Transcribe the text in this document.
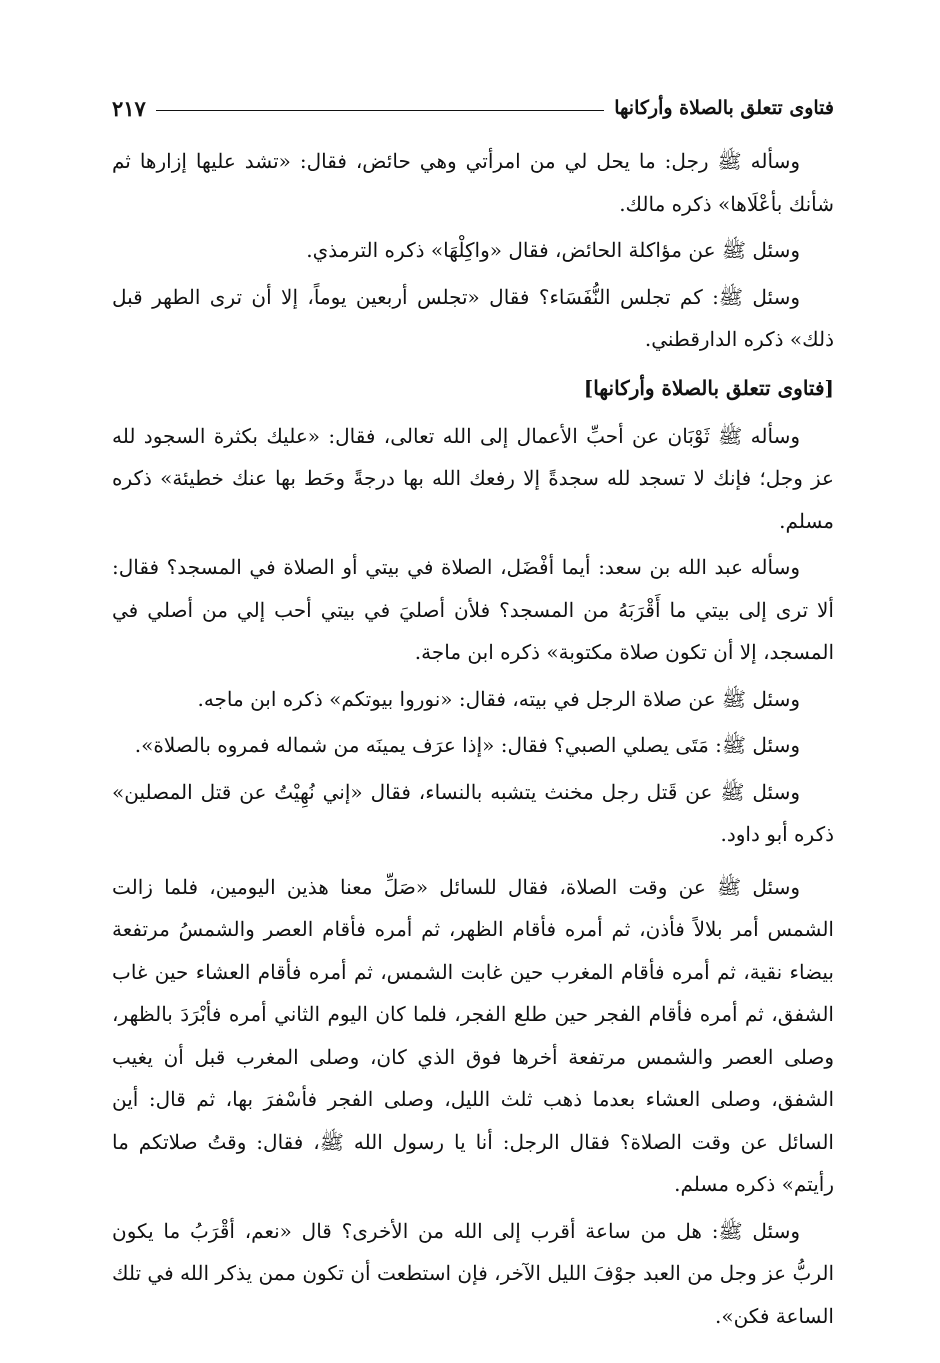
فتاوى تتعلق بالصلاة وأركانها
٢١٧

وسأله ﷺ رجل: ما يحل لي من امرأتي وهي حائض، فقال: «تشد عليها إزارها ثم شأنك بأعْلَاها» ذكره مالك.

وسئل ﷺ عن مؤاكلة الحائض، فقال «واكِلْهَا» ذكره الترمذي.

وسئل ﷺ: كم تجلس النُّفَسَاء؟ فقال «تجلس أربعين يوماً، إلا أن ترى الطهر قبل ذلك» ذكره الدارقطني.

[فتاوى تتعلق بالصلاة وأركانها]

وسأله ﷺ ثَوْبَان عن أحبِّ الأعمال إلى الله تعالى، فقال: «عليك بكثرة السجود لله عز وجل؛ فإنك لا تسجد لله سجدةً إلا رفعك الله بها درجةً وحَط بها عنك خطيئة» ذكره مسلم.

وسأله عبد الله بن سعد: أيما أفْضَل، الصلاة في بيتي أو الصلاة في المسجد؟ فقال: ألا ترى إلى بيتي ما أَقْرَبَهُ من المسجد؟ فلأن أصليَ في بيتي أحب إلي من أصلي في المسجد، إلا أن تكون صلاة مكتوبة» ذكره ابن ماجة.

وسئل ﷺ عن صلاة الرجل في بيته، فقال: «نوروا بيوتكم» ذكره ابن ماجه.

وسئل ﷺ: مَتَى يصلي الصبي؟ فقال: «إذا عرَف يمينَه من شماله فمروه بالصلاة».

وسئل ﷺ عن قَتل رجل مخنث يتشبه بالنساء، فقال «إني نُهِيْتُ عن قتل المصلين» ذكره أبو داود.

وسئل ﷺ عن وقت الصلاة، فقال للسائل «صَلِّ معنا هذين اليومين، فلما زالت الشمس أمر بلالاً فأذن، ثم أمره فأقام الظهر، ثم أمره فأقام العصر والشمسُ مرتفعة بيضاء نقية، ثم أمره فأقام المغرب حين غابت الشمس، ثم أمره فأقام العشاء حين غاب الشفق، ثم أمره فأقام الفجر حين طلع الفجر، فلما كان اليوم الثاني أمره فأبْرَدَ بالظهر، وصلى العصر والشمس مرتفعة أخرها فوق الذي كان، وصلى المغرب قبل أن يغيب الشفق، وصلى العشاء بعدما ذهب ثلث الليل، وصلى الفجر فأسْفرَ بها، ثم قال: أين السائل عن وقت الصلاة؟ فقال الرجل: أنا يا رسول الله ﷺ، فقال: وقتُ صلاتكم ما رأيتم» ذكره مسلم.

وسئل ﷺ: هل من ساعة أقرب إلى الله من الأخرى؟ قال «نعم، أقْرَبُ ما يكون الربُّ عز وجل من العبد جوْفَ الليل الآخر، فإن استطعت أن تكون ممن يذكر الله في تلك الساعة فكن».
